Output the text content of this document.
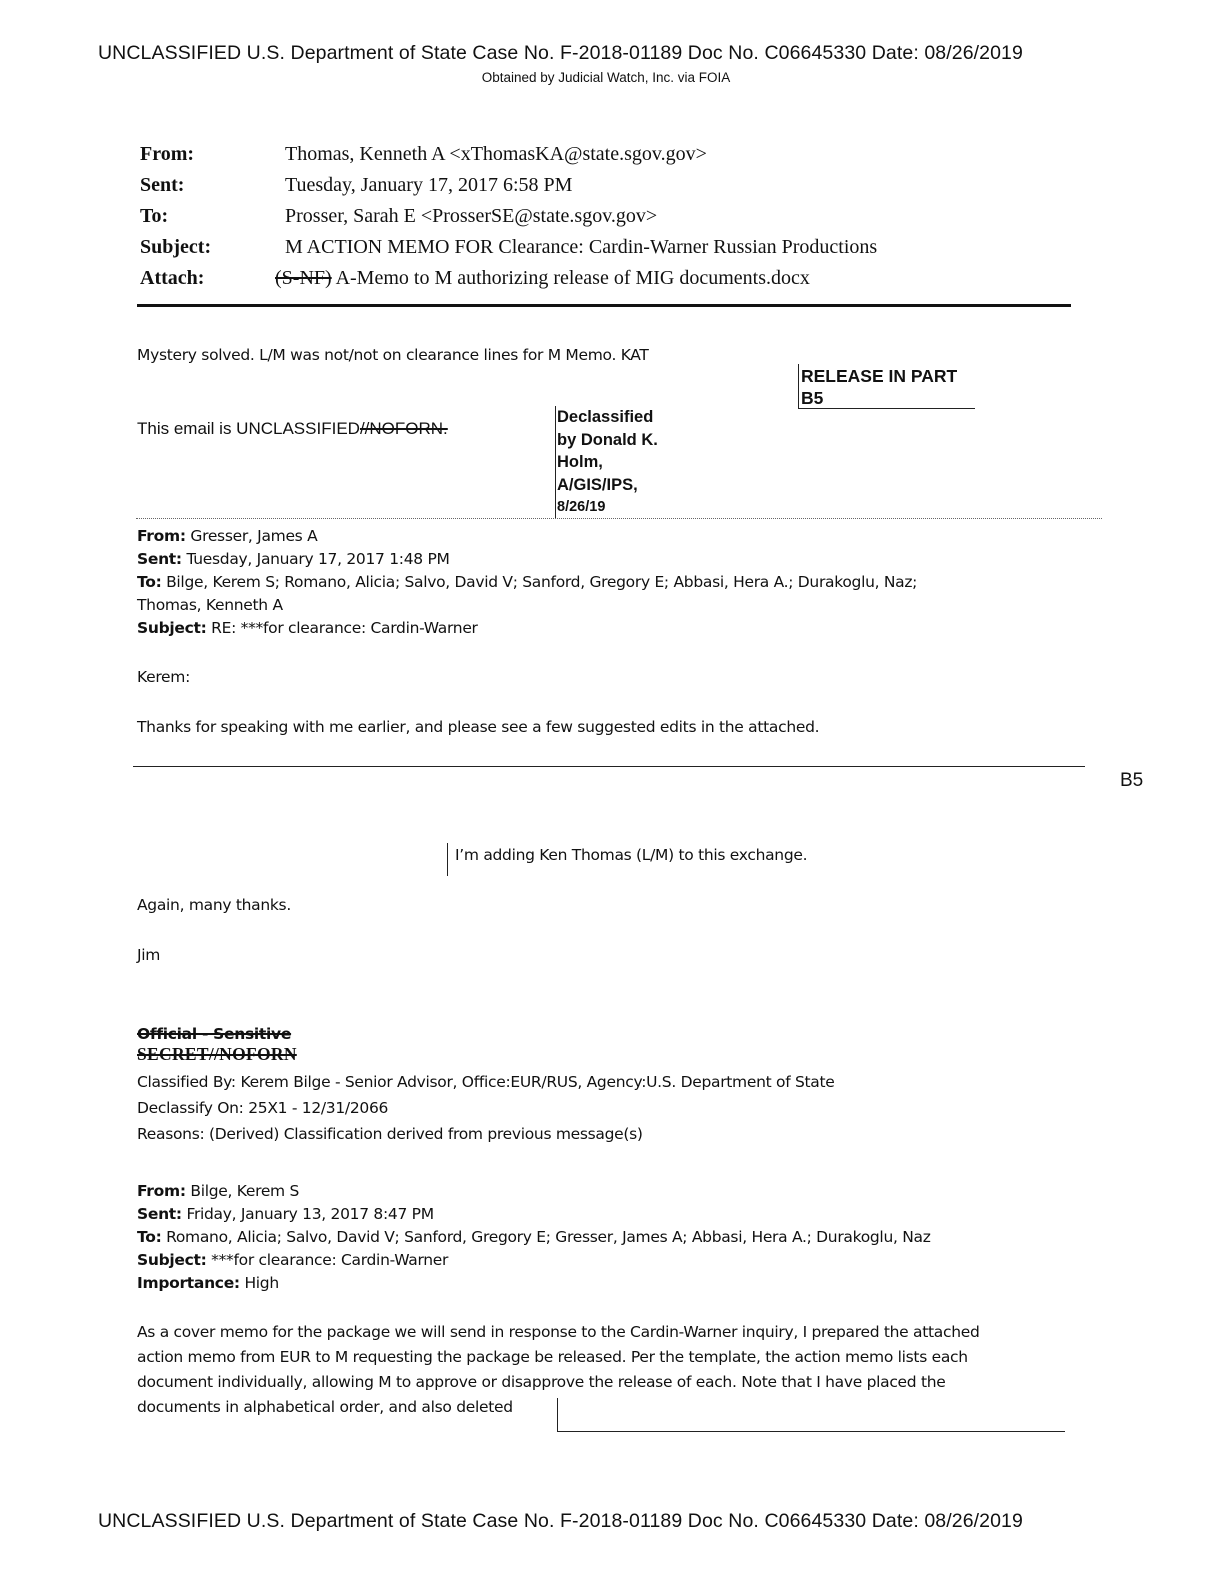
UNCLASSIFIED U.S. Department of State Case No. F-2018-01189 Doc No. C06645330 Date: 08/26/2019
Obtained by Judicial Watch, Inc. via FOIA
From:	Thomas, Kenneth A <xThomasKA@state.sgov.gov>
Sent:	Tuesday, January 17, 2017 6:58 PM
To:	Prosser, Sarah E <ProsserSE@state.sgov.gov>
Subject:	M ACTION MEMO FOR Clearance: Cardin-Warner Russian Productions
Attach:	(S-NF) A-Memo to M authorizing release of MIG documents.docx
Mystery solved. L/M was not/not on clearance lines for M Memo. KAT
RELEASE IN PART
B5
This email is UNCLASSIFIED//NOFORN.
Declassified
by Donald K.
Holm,
A/GIS/IPS,
8/26/19
From: Gresser, James A
Sent: Tuesday, January 17, 2017 1:48 PM
To: Bilge, Kerem S; Romano, Alicia; Salvo, David V; Sanford, Gregory E; Abbasi, Hera A.; Durakoglu, Naz;
Thomas, Kenneth A
Subject: RE: ***for clearance: Cardin-Warner
Kerem:
Thanks for speaking with me earlier, and please see a few suggested edits in the attached.
B5
I’m adding Ken Thomas (L/M) to this exchange.
Again, many thanks.
Jim
Official - Sensitive
SECRET//NOFORN
Classified By: Kerem Bilge - Senior Advisor, Office:EUR/RUS, Agency:U.S. Department of State
Declassify On: 25X1 - 12/31/2066
Reasons: (Derived) Classification derived from previous message(s)
From: Bilge, Kerem S
Sent: Friday, January 13, 2017 8:47 PM
To: Romano, Alicia; Salvo, David V; Sanford, Gregory E; Gresser, James A; Abbasi, Hera A.; Durakoglu, Naz
Subject: ***for clearance: Cardin-Warner
Importance: High
As a cover memo for the package we will send in response to the Cardin-Warner inquiry, I prepared the attached
action memo from EUR to M requesting the package be released. Per the template, the action memo lists each
document individually, allowing M to approve or disapprove the release of each. Note that I have placed the
documents in alphabetical order, and also deleted
UNCLASSIFIED U.S. Department of State Case No. F-2018-01189 Doc No. C06645330 Date: 08/26/2019
